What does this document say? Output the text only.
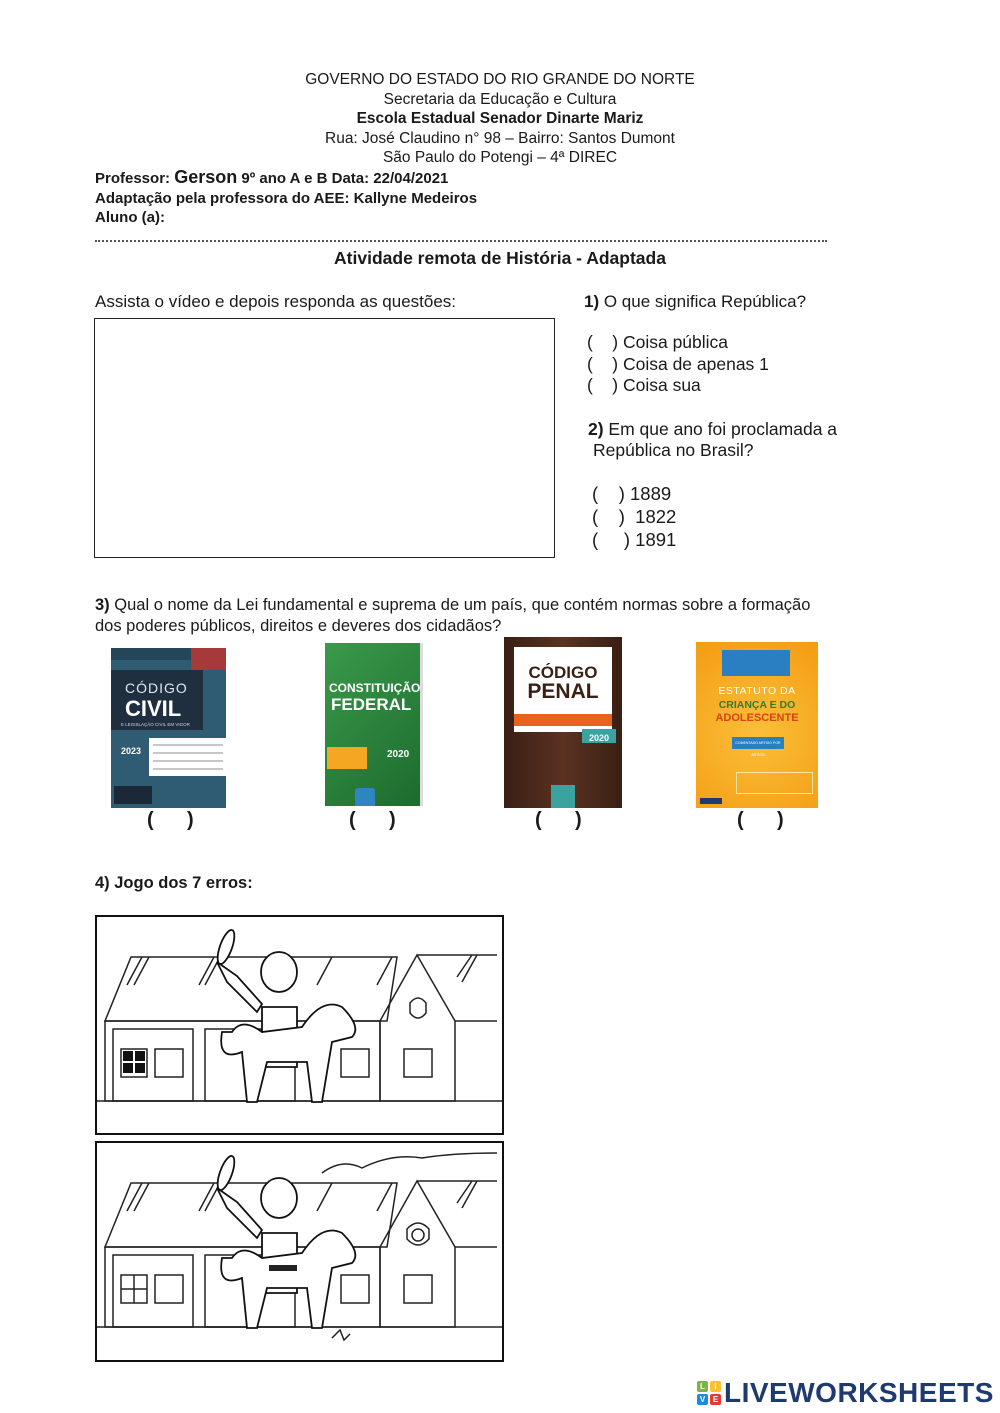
GOVERNO DO ESTADO DO RIO GRANDE DO NORTE
Secretaria da Educação e Cultura
Escola Estadual Senador Dinarte Mariz
Rua: José Claudino n° 98 – Bairro: Santos Dumont
São Paulo do Potengi – 4ª DIREC
Professor: Gerson 9º ano A e B Data: 22/04/2021
Adaptação pela professora do AEE: Kallyne Medeiros
Aluno (a):
Atividade remota de História - Adaptada
Assista o vídeo e depois responda as questões:	1) O que significa República?
(    ) Coisa pública
(    ) Coisa de apenas 1
(    ) Coisa sua
2) Em que ano foi proclamada a
República no Brasil?
(    ) 1889
(    )  1822
(     ) 1891
3) Qual o nome da Lei fundamental e suprema de um país, que contém normas sobre a formação
dos poderes públicos, direitos e deveres dos cidadãos?
CÓDIGO
CIVIL
E LEGISLAÇÃO CIVIL EM VIGOR
2023
(      )
CONSTITUIÇÃO
FEDERAL
2020
(      )
CÓDIGO
PENAL
2020
(      )
ESTATUTO DA
CRIANÇA E DO
ADOLESCENTE
COMENTADO ARTIGO POR ARTIGO
(      )
4) Jogo dos 7 erros:
L	I
V E LIVEWORKSHEETS
